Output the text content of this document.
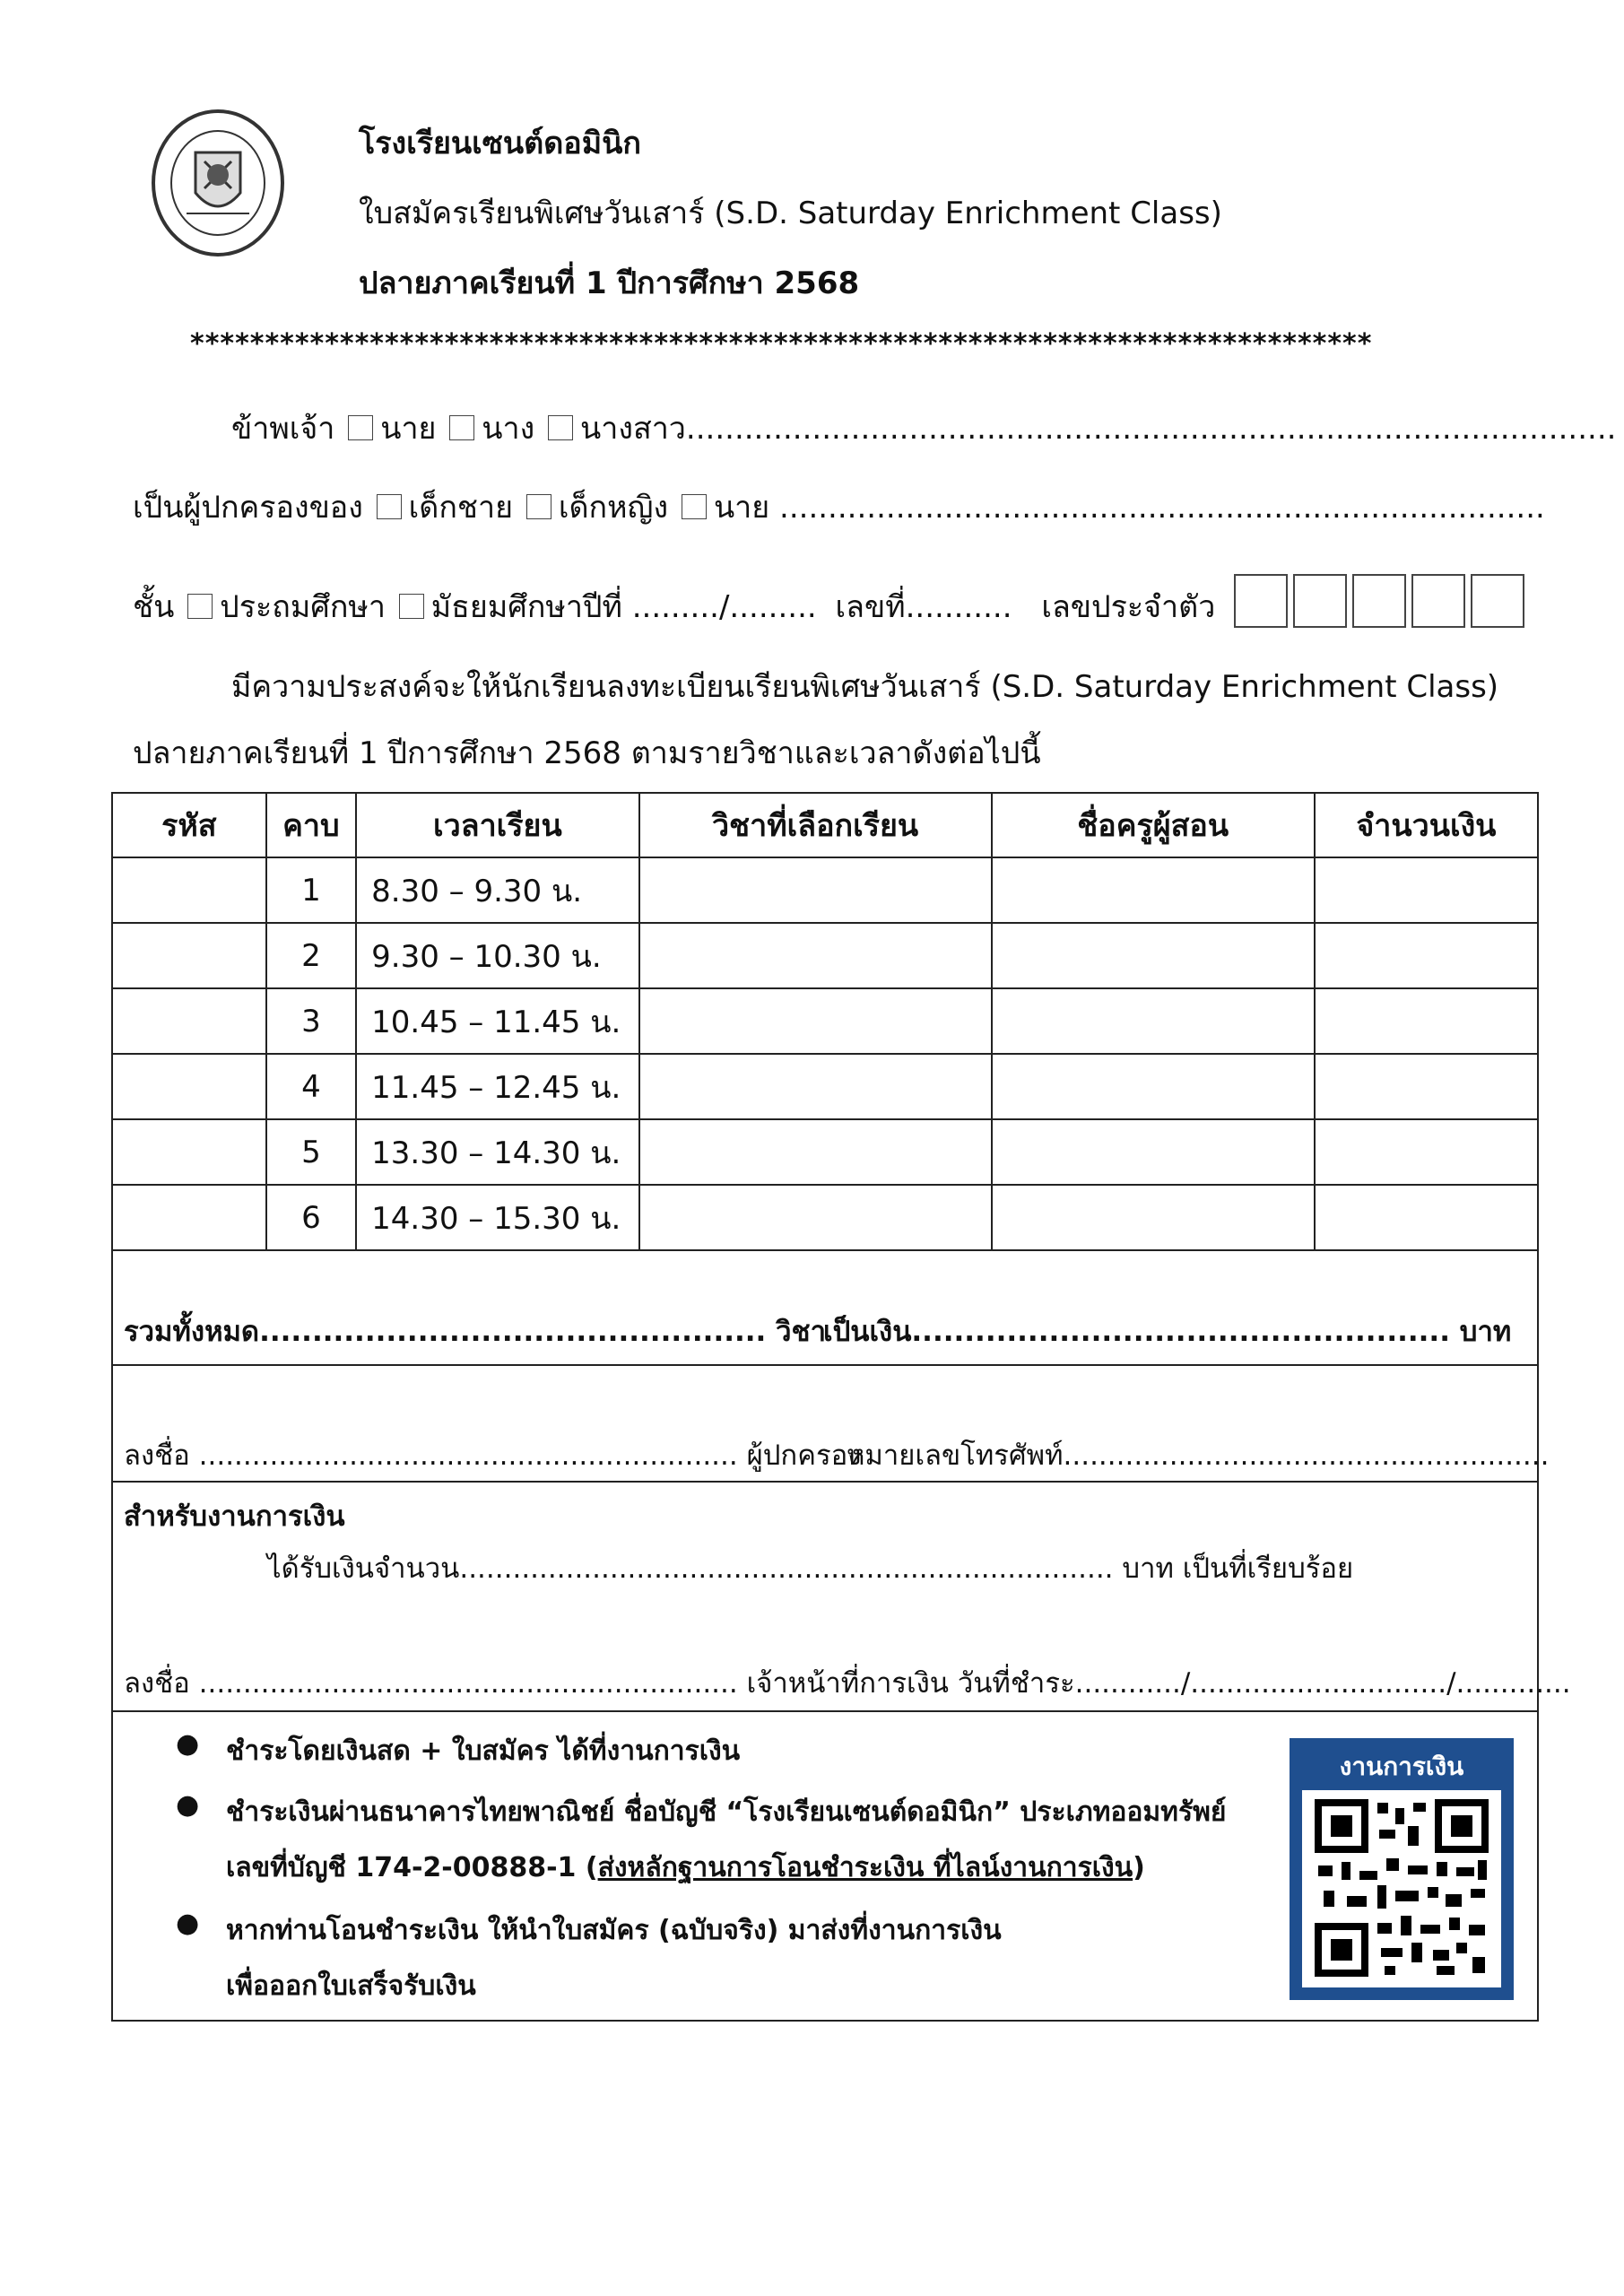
โรงเรียนเซนต์ดอมินิก
ใบสมัครเรียนพิเศษวันเสาร์ (S.D. Saturday Enrichment Class)
ปลายภาคเรียนที่ 1 ปีการศึกษา 2568
*******************************************************************************
ข้าพเจ้า นาย นาง นางสาว................................................................................................
เป็นผู้ปกครองของ เด็กชาย เด็กหญิง นาย ...............................................................................
ชั้น ประถมศึกษา มัธยมศึกษาปีที่ ........./......... เลขที่........... เลขประจำตัว
มีความประสงค์จะให้นักเรียนลงทะเบียนเรียนพิเศษวันเสาร์ (S.D. Saturday Enrichment Class)
ปลายภาคเรียนที่ 1 ปีการศึกษา 2568 ตามรายวิชาและเวลาดังต่อไปนี้
รหัส	คาบ	เวลาเรียน	วิชาที่เลือกเรียน	ชื่อครูผู้สอน	จำนวนเงิน
	1	8.30 – 9.30 น.			
	2	9.30 – 10.30 น.			
	3	10.45 – 11.45 น.			
	4	11.45 – 12.45 น.			
	5	13.30 – 14.30 น.			
	6	14.30 – 15.30 น.			
รวมทั้งหมด................................................ วิชา
เป็นเงิน................................................... บาท
ลงชื่อ ............................................................. ผู้ปกครอง
หมายเลขโทรศัพท์.......................................................
สำหรับงานการเงิน
ได้รับเงินจำนวน.......................................................................... บาท เป็นที่เรียบร้อย
ลงชื่อ ............................................................. เจ้าหน้าที่การเงิน วันที่ชำระ............/............................./.............
● ชำระโดยเงินสด + ใบสมัคร ได้ที่งานการเงิน
● ชำระเงินผ่านธนาคารไทยพาณิชย์ ชื่อบัญชี “โรงเรียนเซนต์ดอมินิก” ประเภทออมทรัพย์
เลขที่บัญชี 174-2-00888-1 (ส่งหลักฐานการโอนชำระเงิน ที่ไลน์งานการเงิน)
● หากท่านโอนชำระเงิน ให้นำใบสมัคร (ฉบับจริง) มาส่งที่งานการเงิน
เพื่อออกใบเสร็จรับเงิน
งานการเงิน
